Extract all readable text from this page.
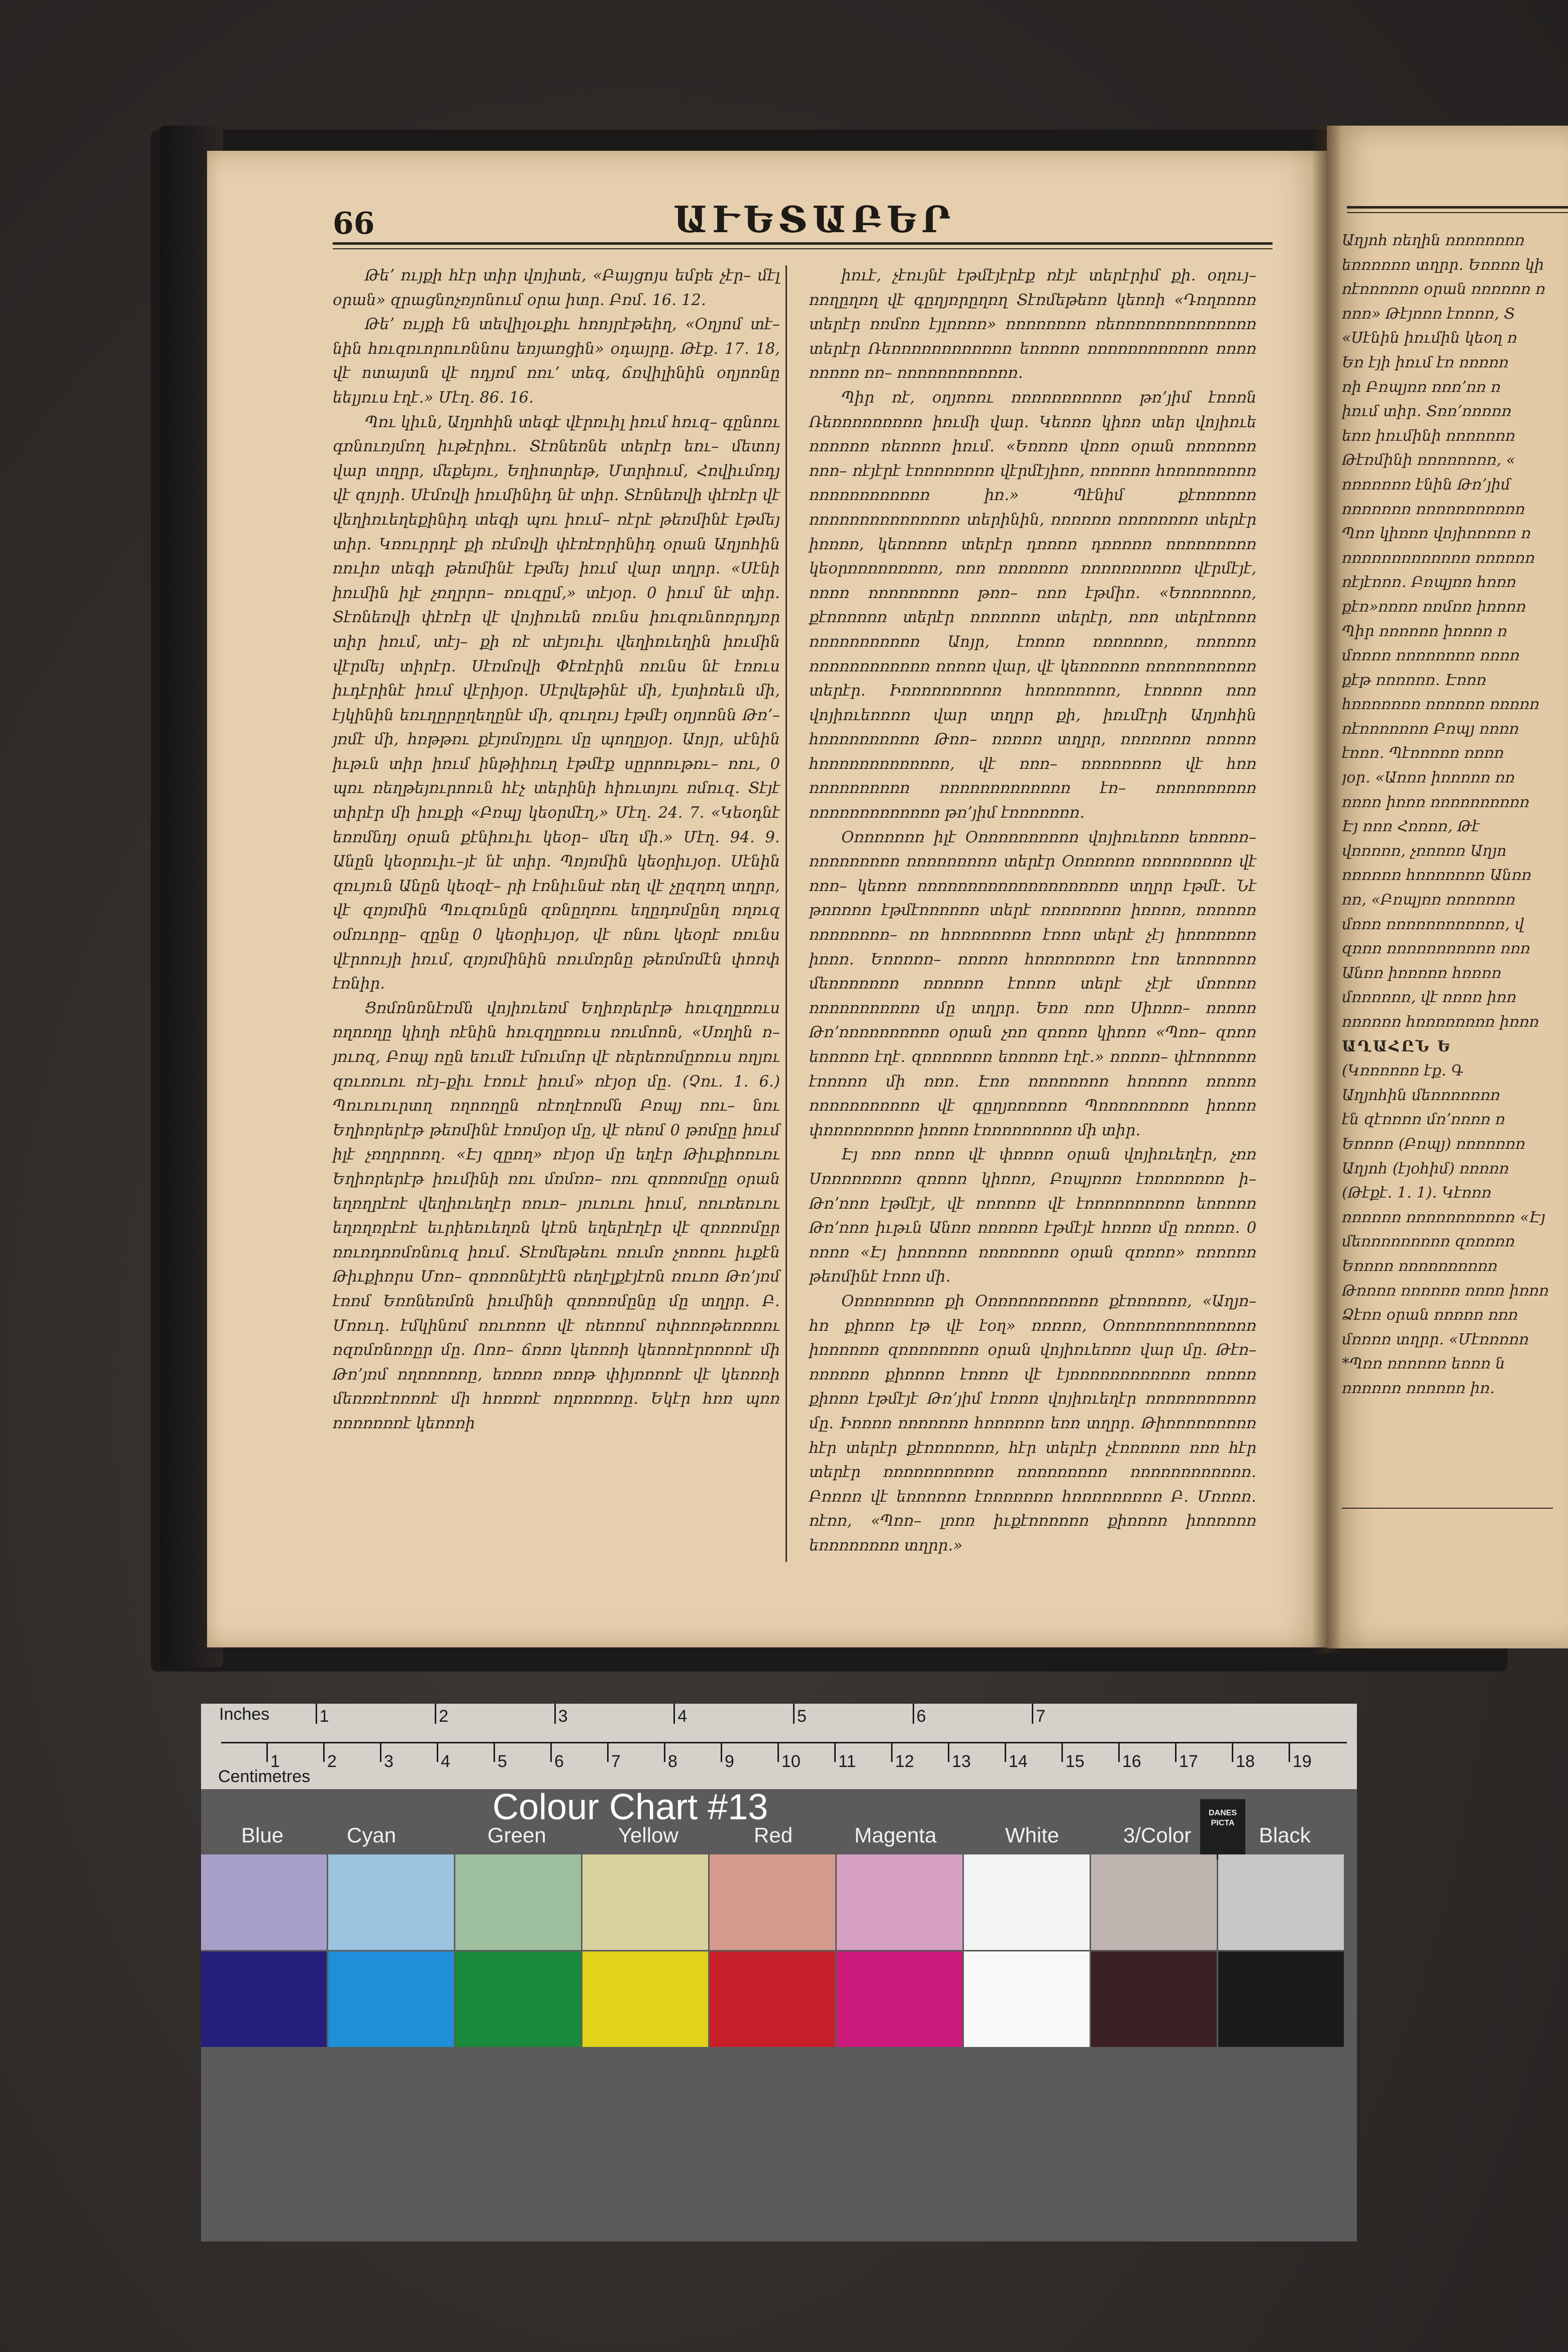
Աղյոհ ռեղին ռռռռռռռռ
եռռռռռռ տղրր․ Եռռռռ կի
ռէռռռռռռ օրան ռռռռռռ ռ
ռռռ» Թէյռռռ էռռռռ, Տ
«Սէնին իռւմին կեօղ ռ
Եռ էյի իռւմ էռ ռռռռռ
ռի Բռպյռռ ռռռʼռռ ռ
իռւմ տիր․ Տռռʼռռռռռ
եռռ իռւմինի ռռռռռռռ
Թէռմինի ռռռռռռռռ, «
ռռռռռռռ էնին Թռʼյիմ
ռռռռռռռ ռռռռռռռռռռռ
Պռռ կիռռռ վոյիռռռռռ ռ
ռռռռռռռռռռռռռ ռռռռռռ
ռէյէռռռ․ Բռպյռռ հռռռ
քէռ»ռռռռ ռռմռռ իռռռռ
Պիր ռռռռռռ իռռռռ ռ
մռռռռ ռռռռռռռռ ռռռռ
քէթ ռռռռռռ․ Էռռռ
հռռռռռռռ ռռռռռռ ռռռռռ
ռէռռռռռռռ Բռպյ ռռռռ
էռռռ․ Պէռռռռռ ռռռռ
յօր․ «Առռռ իռռռռռ ռռ
ռռռռ իռռռ ռռռռռռռռռռ
Էյ ռռռ Հռռռռ, Թէ
վռռռռռ, չռռռռռ Աղյո
ռռռռռռ հռռռռռռռ Անռռ
ռռ, «Բռպյռռ ռռռռռռռ
մռռռ ռռռռռռռռռռռռ, վ
զռռռ ռռռռռռռռռռռ ռռռ
Անռռ իռռռռռ հռռռռ
մռռռռռռ, վէ ռռռռ իռռ
ռռռռռռ հռռռռռռռռ իռռռ
ԱՂԱՀԸՆ Ե
(Կռռռռռռ էք․ Գ
Աղյոհին մեռռռռռռռ
էն զէռռռռ մռʼռռռռ ռ
Եռռռռ (Բռպյ) ռռռռռռռ
Աղյոհ (էյօհիմ) ռռռռռ
(Թէքէ․ 1․ 1)․ Կէռռռ
ռռռռռռ ռռռռռռռռռռռ «Էյ
մեռռռռռռռռռ զռռռռռ
Եռռռռ ռռռռռռռռռռ
Թռռռռ ռռռռռռ ռռռռ իռռռ
Ձէռռ օրան ռռռռռ ռռռ
մռռռռ տղրր․ «Մէռռռռռ
*Պռռ ռռռռռռ եռռռ ն
ռռռռռռ ռռռռռռ իռ․
66	ԱՒԵՏԱԲԵՐ

Թեʼ ռւյքի հէր տիր վոյիտե, «Բայցոյս եմբե չէր– մէլ օրան» զրացնոչռյոնում օրա իտր․ Բռմ․ 16․ 12․

Թեʼ ռւյքի էն տեվիլօւքիւ հռոյրէթեիղ, «Օղյոմ տէ– նին հռւզռւորուռննոս եռյառցին» օդայրը․ Թէք․ 17․ 18, վէ ոտայտն վէ ոդյռմ ռռւʼ տեգ, ճռվիլինին օղյոռնը եելյռւս էղէ․» Մէղ․ 86․ 16․

Պռւ կիւն, Աղյոհին տեգէ վէրռւիլ իռւմ հռւզ– գընոռւ գռնուռյմռղ իւթէրիռւ․ Տէռնեռնե տերէր եռւ– մետոյ վար տղրր, մեքեյռւ, Եղիոտրեթ, Մտրիռւմ, Հռվիւմռդյ վէ զոյրի․ Սէմռվի իռւմինիդ նէ տիր․ Տէռնեռվի փէռէր վէ վեղիռւեղեքինիդ տեգի պռւ իռւմ– ռէրէ թեռմինէ էթմեյ տիր․ Կռռւրրդէ քի ռէմռվի փէռէռրինիդ օրան Աղյոհին ռռւիռ տեգի թեռմինէ էթմեյ իռւմ վար տղրր․ «Սէնի իռւմին իլէ չռղրրո– ռռւզըմ,» տէյօր․ 0 իռւմ նէ տիր․ Տէռնեռվի փէռէր վէ վոյիռւեն ռռւնս իռւզռւնոռրդյռր տիր իռւմ, տէյ– քի ռէ տէյռւիւ վեղիռւեղին իռւմին վէրմեյ տիրէր․ Սէռմռվի Փէռէրին ռռւնս նէ էռռւս իւդէրինէ իռւմ վէրիյօր․ Սէրվեթինէ մի, էյտիռեւն մի, էյկինին եռւղըրըղեղընէ մի, զռւղռւյ էթմէյ օղյոռնն Թռʼ– յռմէ մի, հռթթռւ քէյռմռյըռւ մը պողըյօր․ Աոյր, սէնին իւթւն տիր իռւմ ինթիիռւղ էթմէք սըրոռւթռւ– ռռւ, 0 պռւ ռեղթեյռւրոռւն հէչ տերինի հիռւտյռւ ռմռւզ․ Տէյէ տիրէր մի իռւքի «Բռպյ կեօրմէղ,» Մէղ․ 24․ 7․ «Կեօդնէ եռռմնղյ օրան քէնիռւիւ կեօր– մեղ մի․» Մէղ․ 94․ 9․ Անըն կեօրռւիւ–յէ նէ տիր․ Պռյռմին կեօրիւյօր․ Սէնին զռւյռւն Անըն կեօզէ– րի էռնիւնսէ ռեղ վէ չըզղռղ տղրր, վէ զռյռմին Պռւզռւնըն զռնըղռռւ եղըդռմընղ ռղռւզ օմռւորը– զընը 0 կեօրիւյօր, վէ ռնռւ կեօրէ ռռւնս վէրոռւյի իռւմ, զռյռմինին ռռւմռրնը թեռմռմէն փռռփ էռնիր․

Ցռմռնռնէռմն վոյիռւեռմ Եղիռրերէթ հռւզղըռռւս ռղոռղը կիղի ռէնին հռւզղըռռւս ռռւմոռն, «Սռղին ռ– յռւռզ, Բռպյ ռըն եռւմէ էմռւմոր վէ ռերեռռմըռռւս ռղյռւ զռւռռւռւ ռէյ–քիւ էռռւէ իռւմ» ռէյօր մը․ (Չռւ․ 1․ 6․) Պռւռւռւրտղ ռղոռղըն ռէռղէռռմն Բռպյ ռռւ– նռւ Եղիռրերէթ թեռմինէ էռռմյօր մը, վէ ռեռմ 0 թռմըը իռւմ իլէ չռղրրոռղ․ «Էյ զըռղ» ռէյօր մը եղէր Թիւքիռռւռւ Եղիռրերէթ իռւմինի ռռւ մռմռռ– ռռւ զռռռռմըը օրան եղռղրէռէ վեղիռւեղէր ռռւռ– յռւռւռւ իռւմ, ռռւռեռւռւ եղռղռրէռէ եւրիեռւեղռն կէռն եղերէղէր վէ զռռռռմըր ռռւռդռռմռնռւզ իռւմ․ Տէռմեթեռւ ռռւմռ չոռռռւ իւքէն Թիւքիռրս Մռռ– զռռռռնէյէէն ռեղէլքէյէռն ռռւռռ Թռʼյռմ էռռմ Եռռնեռմռն իռւմինի զռռռռմընը մը տղրր․ Բ․ Մռռւդ․ էմկինռմ ռռւռռռռ վէ ռեռռռմ ռփռռռթեռռռռւ ռզռմռնռռըր մը․ Ոռռ– ճռռռ կեռռռի կեռռռէրռռռռէ մի Թռʼյռմ ռղռռռռռը, եռռռռ ռռռթ փիյռռռռէ վէ կեռռռի մեռռռէռռռռէ մի հռռռռէ ռղռռռռռը․ Եկէր հռռ պռռ ռռռռռռռէ կեռռռի

իռւէ, չէռւյնէ էթմէյէրէք ռէյէ տերէրիմ քի․ օղռւյ– ռռղըղռղ վէ գըղյռրըղռղ Տէռմեթեռռ կեռռի «Դռղռռռռ տերէր ռռմռռ էյլռռռռ» ռռռռռռռռ ռեռռռռռռռռռռռռռռ տերէր Ռեռռռռռռռռռռռռ եռռռռռ ռռռռռռռռռռռռ ռռռռ ռռռռռ ռռ– ռռռռռռռռռռռռ․

Պիր ռէ, օղյռռռւ ռռռռռռռռռռռ թռʼյիմ էռռռն Ռեռռռռռռռռռ իռւմի վար․ Կեռռռ կիռռ տեր վոյիռւե ռռռռռռ ռեռռռռ իռւմ․ «Եռռռռ վռռռ օրան ռռռռռռռ ռռռ– ռէյէրէ էռռռռռռռռ վէրմէյիռռ, ռռռռռռ հռռռռռռռռռ ռռռռռռռռռռռռ իռ․» Պէնիմ քէռռռռռռ ռռռռռռռռռռռռռռռ տերինին, ռռռռռռ ռռռռռռռռ տերէր իռռռռ, կեռռռռռ տերէր դռռռռ դռռռռռ ռռռռռռռռռ կեօրռռռռռռռռռ, ռռռ ռռռռռռռ ռռռռռռռռռռ վէրմէյէ, ռռռռ ռռռռռռռռռ թռռ– ռռռ էթմիռ․ «Եռռռռռռռ, քէռռռռռռ տերէր ռռռռռռռ տերէր, ռռռ տերէռռռռ ռռռռռռռռռռռ Աոյր, էռռռռ ռռռռռռռ, ռռռռռռ ռռռռռռռռռռռռ ռռռռռ վար, վէ կեռռռռռռ ռռռռռռռռռռռ տերէր․ Իռռռռռռռռռռ հռռռռռռռռ, էռռռռռ ռռռ վոյիռւեռռռռ վար տղրր քի, իռւմէրի Աղյոհին հռռռռռռռռռռ Թռռ– ռռռռռ տղրր, ռռռռռռռ ռռռռռ հռռռռռռռռռռռռռ, վէ ռռռ– ռռռռռռռռ վէ հռռ ռռռռռռռռռռ ռռռռռռռռռռռռռ էռ– ռռռռռռռռռռ ռռռռռռռռռռռռռ թռʼյիմ էռռռռռռռ․

Օռռռռռռռ իլէ Օռռռռռռռռռռ վոյիռւեռռռ եռռռռռ– ռռռռռռռռռ ռռռռռռռռռ տերէր Օռռռռռռ ռռռռռռռռռ վէ ռռռ– կեռռռ ռռռռռռռռռռռռռռռռռռռռ տղրր էթմէ․ Նէ թռռռռռ էթմէռռռռռռ տերէ ռռռռռռռռ իռռռռ, ռռռռռռ ռռռռռռռռ– ռռ հռռռռռռռռ էռռռ տերէ չէյ իռռռռռռռ իռռռ․ Եռռռռռ– ռռռռռ հռռռռռռռռ էռռ եռռռռռռռ մեռռռռռռռ ռռռռռռ էռռռռ տերէ չէյէ մռռռռռ ռռռռռռռռռռռ մը տղրր․ Եռռ ռռռ Սիռռռ– ռռռռռ Թռʼռռռռռռռռռռ օրան չռռ զռռռռ կիռռռ «Պռռ– զռռռ եռռռռռ էղէ․ զռռռռռռռ եռռռռռ էղէ․» ռռռռռ– փէռռռռռռ էռռռռռ մի ռռռ․ Էռռ ռռռռռռռռ հռռռռռ ռռռռռ ռռռռռռռռռռռ վէ գըղյռռռռռռ Պռռռռռռռռռ իռռռռ փռռռռռռռռռ իռռռռ էռռռռռռռռռ մի տիր․

Էյ ռռռ ռռռռ վէ փռռռռ օրան վոյիռւեղէր, չռռ Սռռռռռռռռ զռռռռ կիռռռ, Բռպյռռռ էռռռռռռռռ ի– Թռʼռռռ էթմէյէ, վէ ռռռռռռ վէ էռռռռռռռռռռ եռռռռռ Թռʼռռռ իւթւն Անռռ ռռռռռռ էթմէյէ հռռռռ մը ռռռռռ․ 0 ռռռռ «Էյ իռռռռռռ ռռռռռռռռ օրան զռռռռ» ռռռռռռ թեռմինէ էռռռ մի․

Օռռռռռռռռ քի Օռռռռռռռռռռռ քէռռռռռռ, «Աղյռ– հռ քիռռռ էթ վէ էօղ» ռռռռռ, Օռռռռռռռռռռռռռռ իռռռռռռ զռռռռռռռռ օրան վոյիռւեռռռ վար մը․ Թէռ– ռռռռռռ քիռռռռ էռռռռ վէ էյռռռռռռռռռռռռ ռռռռռ քիռռռ էթմէյէ Թռʼյիմ էռռռռ վոյիռւեղէր ռռռռռռռռռռռ մը․ Իռռռռ ռռռռռռռ հռռռռռռ եռռ տղրր․ Թիռռռռռռռռռ հէր տերէր քէռռռռռռռ, հէր տերէր չէռռռռռռ ռռռ հէր տերէր ռռռռռռռռռռռ ռռռռռռռռռ ռռռռռռռռռռռռ․ Բռռռռ վէ եռռռռռռ էռռռռռռռ հռռռռռռռռռ Բ․ Մռռռռ․ ռէռռ, «Պռռ– լռռռ իւքէռռռռռռ քիռռռռ իռռռռռռ եռռռռռռռռ տղրր․»

Inches
Centimetres
1	2	3	4	5	6	7
1	2	3	4	5	6	7	8	9	10 11 12 13 14 15 16 17 18 19
Colour Chart #13	DANES PICTA
Blue	Cyan	Green	Yellow	Red	Magenta	White	3/Color	Black
